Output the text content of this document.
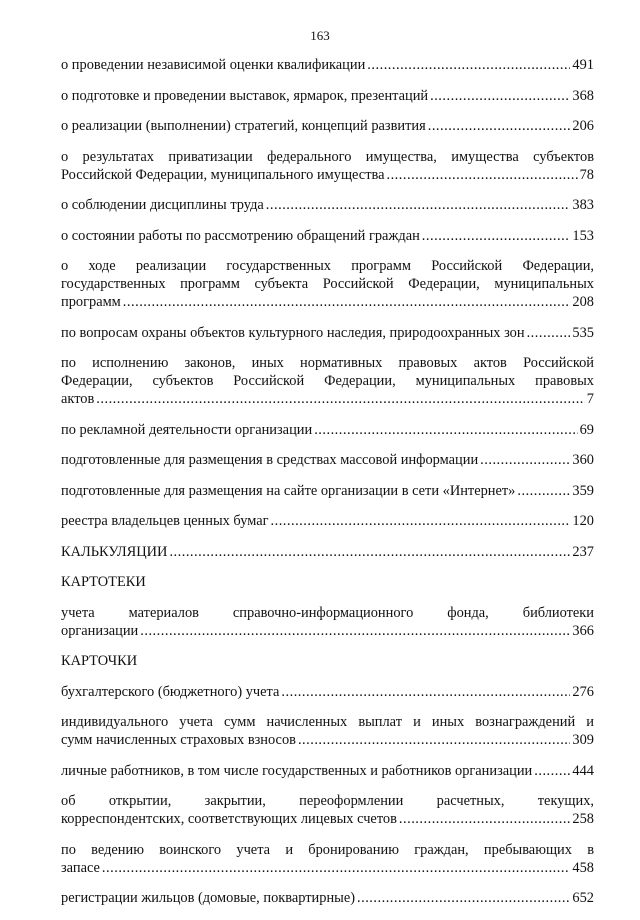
163
о проведении независимой оценки квалификации .....	491
о подготовке и проведении выставок, ярмарок, презентаций .....	368
о реализации (выполнении) стратегий, концепций развития .....	206
о результатах приватизации федерального имущества, имущества субъектов
Российской Федерации, муниципального имущества .....	78
о соблюдении дисциплины труда .....	383
о состоянии работы по рассмотрению обращений граждан .....	153
о ходе реализации государственных программ Российской Федерации,
государственных программ субъекта Российской Федерации, муниципальных
программ .....	208
по вопросам охраны объектов культурного наследия, природоохранных зон .....	535
по исполнению законов, иных нормативных правовых актов Российской
Федерации, субъектов Российской Федерации, муниципальных правовых
актов .....	7
по рекламной деятельности организации .....	69
подготовленные для размещения в средствах массовой информации .....	360
подготовленные для размещения на сайте организации в сети «Интернет» .....	359
реестра владельцев ценных бумаг .....	120
КАЛЬКУЛЯЦИИ .....	237
КАРТОТЕКИ
учета материалов справочно-информационного фонда, библиотеки
организации .....	366
КАРТОЧКИ
бухгалтерского (бюджетного) учета .....	276
индивидуального учета сумм начисленных выплат и иных вознаграждений и
сумм начисленных страховых взносов .....	309
личные работников, в том числе государственных и работников организации .....	444
об открытии, закрытии, переоформлении расчетных, текущих,
корреспондентских, соответствующих лицевых счетов .....	258
по ведению воинского учета и бронированию граждан, пребывающих в
запасе .....	458
регистрации жильцов (домовые, поквартирные) .....	652
